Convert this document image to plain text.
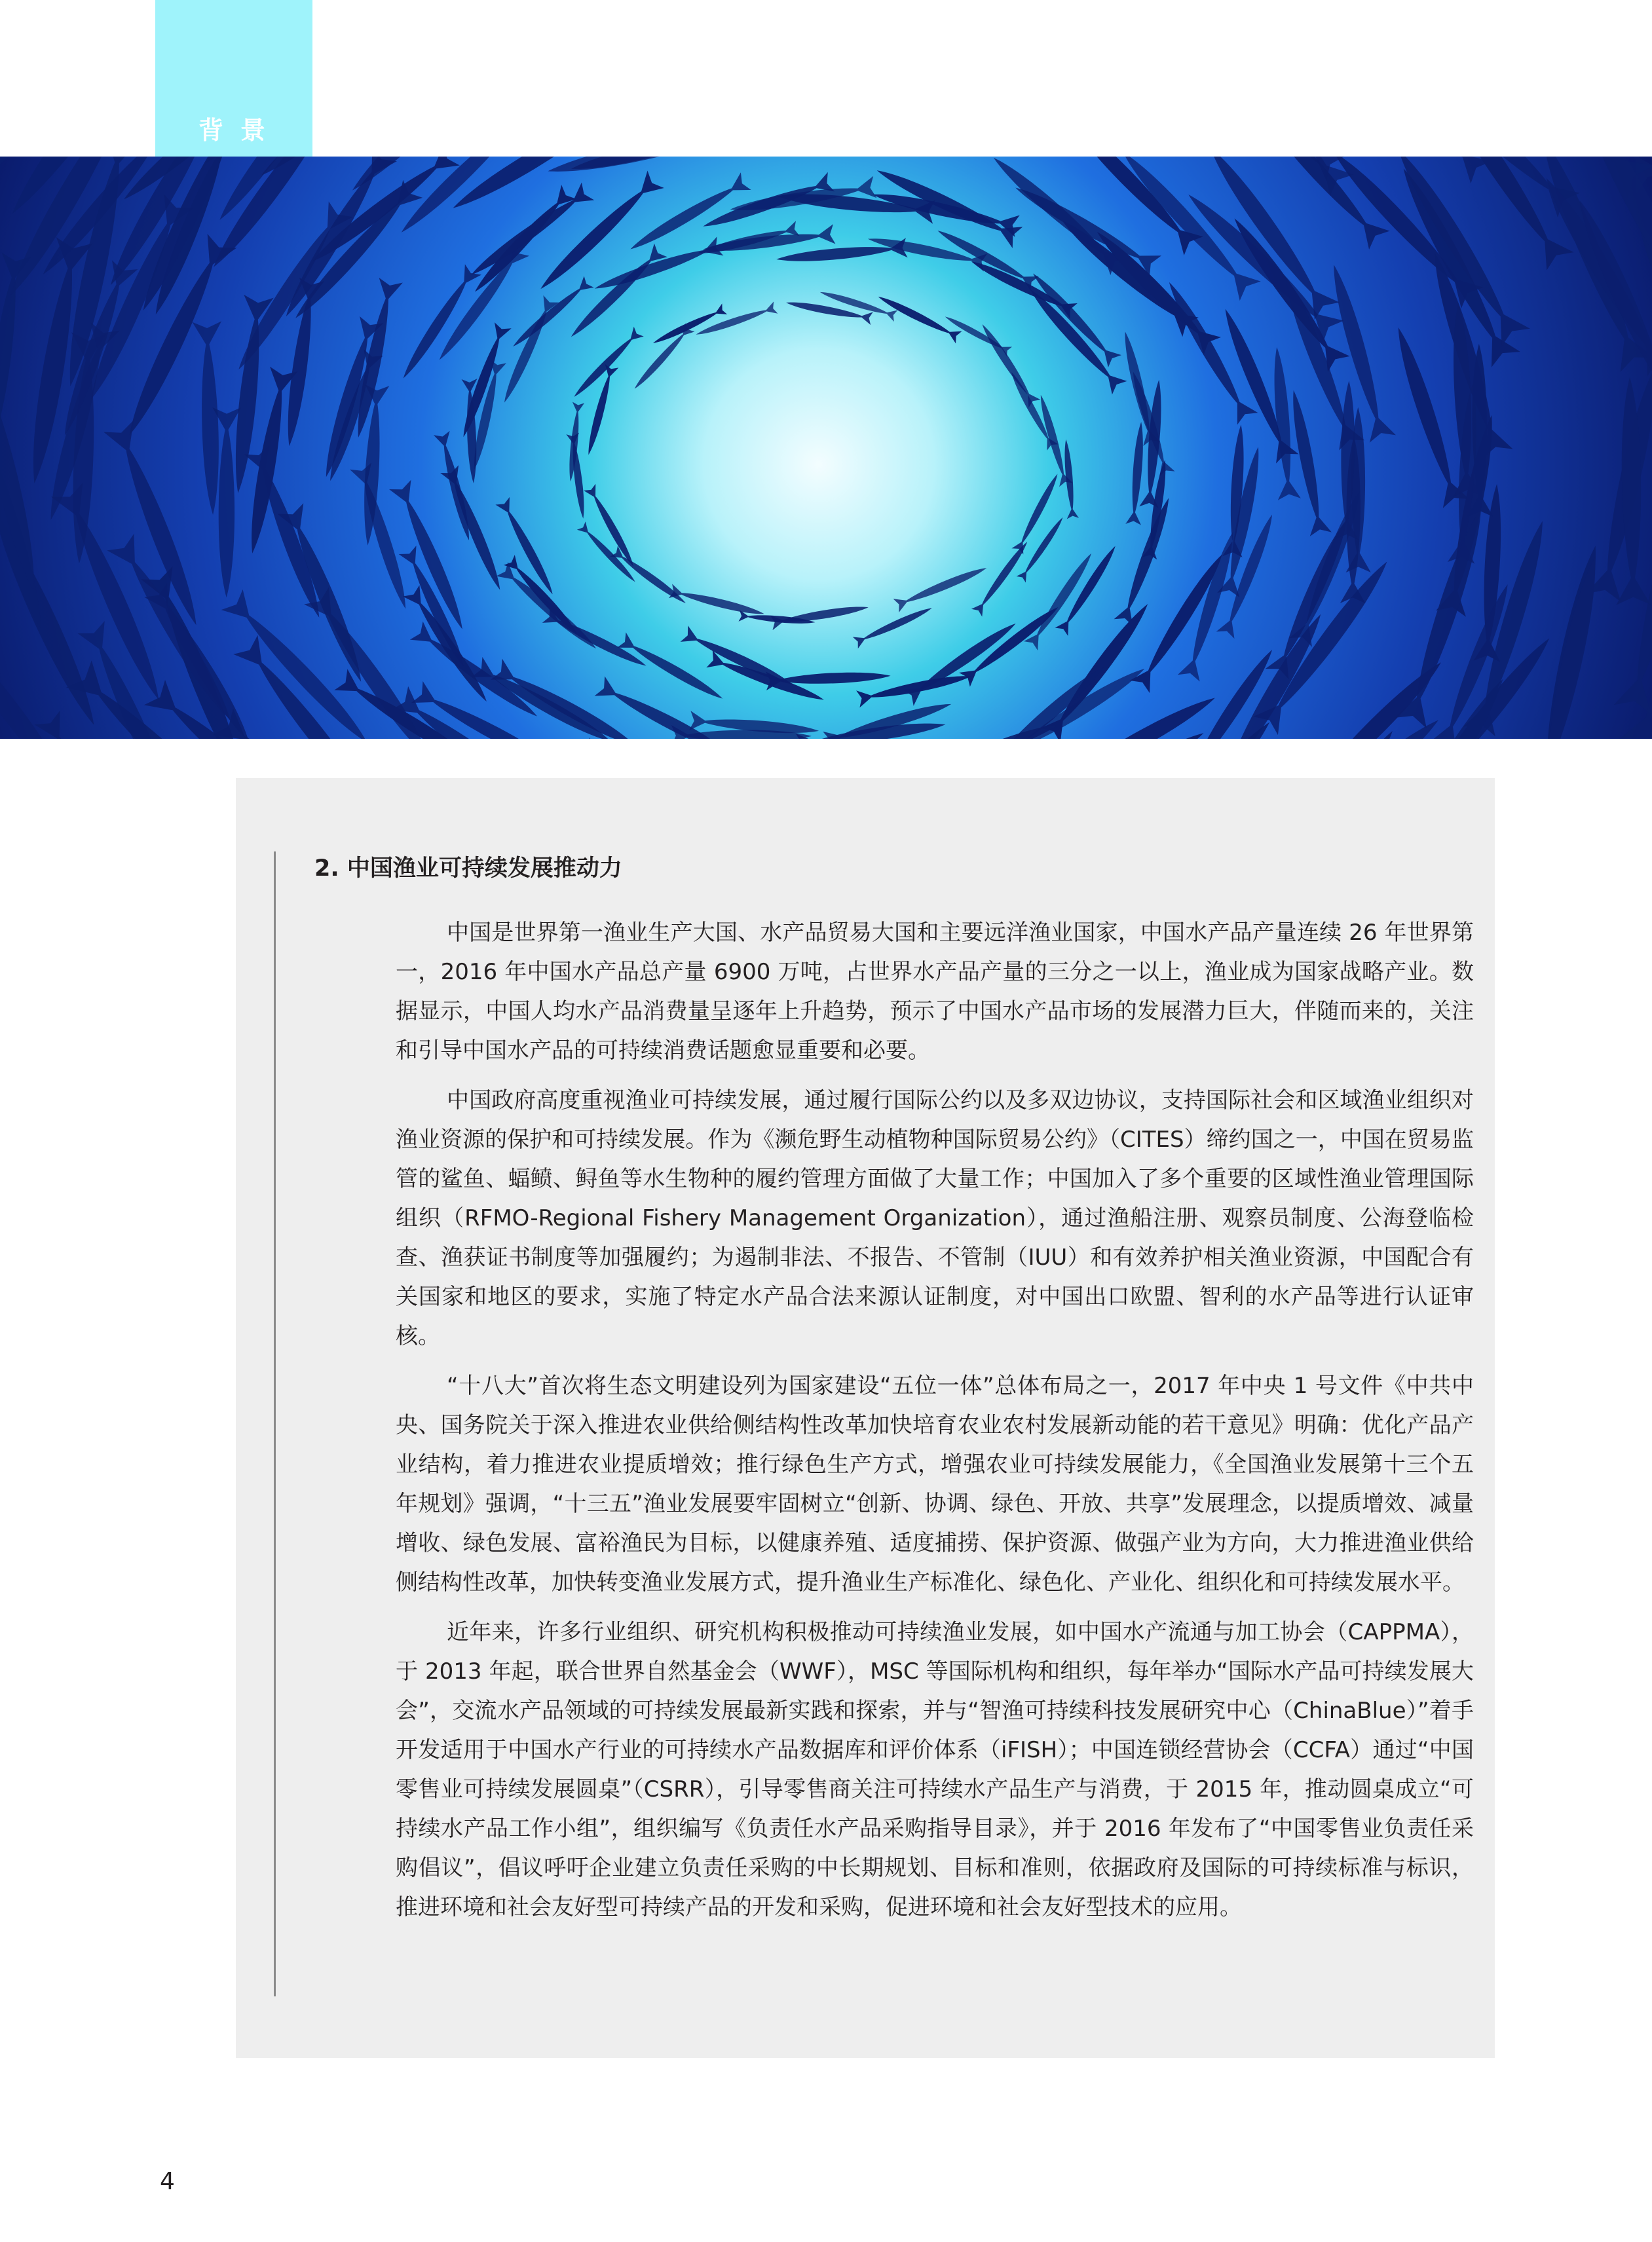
背景
2. 中国渔业可持续发展推动力

中国是世界第一渔业生产大国、水产品贸易大国和主要远洋渔业国家，中国水产品产量连续 26 年世界第一，2016 年中国水产品总产量 6900 万吨，占世界水产品产量的三分之一以上，渔业成为国家战略产业。数据显示，中国人均水产品消费量呈逐年上升趋势，预示了中国水产品市场的发展潜力巨大，伴随而来的，关注和引导中国水产品的可持续消费话题愈显重要和必要。

中国政府高度重视渔业可持续发展，通过履行国际公约以及多双边协议，支持国际社会和区域渔业组织对渔业资源的保护和可持续发展。作为《濒危野生动植物种国际贸易公约》（CITES）缔约国之一，中国在贸易监管的鲨鱼、蝠鲼、鲟鱼等水生物种的履约管理方面做了大量工作；中国加入了多个重要的区域性渔业管理国际组织（RFMO-Regional Fishery Management Organization），通过渔船注册、观察员制度、公海登临检查、渔获证书制度等加强履约；为遏制非法、不报告、不管制（IUU）和有效养护相关渔业资源，中国配合有关国家和地区的要求，实施了特定水产品合法来源认证制度，对中国出口欧盟、智利的水产品等进行认证审核。

“十八大”首次将生态文明建设列为国家建设“五位一体”总体布局之一，2017 年中央 1 号文件《中共中央、国务院关于深入推进农业供给侧结构性改革加快培育农业农村发展新动能的若干意见》明确：优化产品产业结构，着力推进农业提质增效；推行绿色生产方式，增强农业可持续发展能力，《全国渔业发展第十三个五年规划》强调，“十三五”渔业发展要牢固树立“创新、协调、绿色、开放、共享”发展理念，以提质增效、减量增收、绿色发展、富裕渔民为目标，以健康养殖、适度捕捞、保护资源、做强产业为方向，大力推进渔业供给侧结构性改革，加快转变渔业发展方式，提升渔业生产标准化、绿色化、产业化、组织化和可持续发展水平。

近年来，许多行业组织、研究机构积极推动可持续渔业发展，如中国水产流通与加工协会（CAPPMA），于 2013 年起，联合世界自然基金会（WWF），MSC 等国际机构和组织，每年举办“国际水产品可持续发展大会”，交流水产品领域的可持续发展最新实践和探索，并与“智渔可持续科技发展研究中心（ChinaBlue）”着手开发适用于中国水产行业的可持续水产品数据库和评价体系（iFISH）；中国连锁经营协会（CCFA）通过“中国零售业可持续发展圆桌”（CSRR），引导零售商关注可持续水产品生产与消费，于 2015 年，推动圆桌成立“可持续水产品工作小组”，组织编写《负责任水产品采购指导目录》，并于 2016 年发布了“中国零售业负责任采购倡议”，倡议呼吁企业建立负责任采购的中长期规划、目标和准则，依据政府及国际的可持续标准与标识，推进环境和社会友好型可持续产品的开发和采购，促进环境和社会友好型技术的应用。

4
